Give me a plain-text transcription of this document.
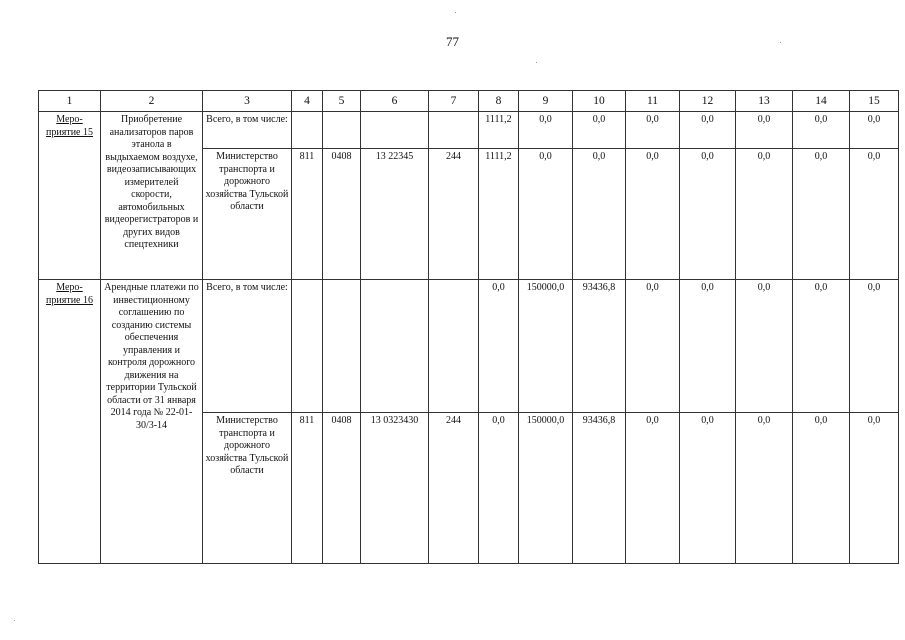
77
1	2	3	4	5	6	7	8	9	10	11	12	13	14	15
Меро-приятие 15	Приобретение анализаторов паров этанола в выдыхаемом воздухе, видеозаписывающих измерителей скорости, автомобильных видеорегистраторов и других видов спецтехники	Всего, в том числе:					1111,2	0,0	0,0	0,0	0,0	0,0	0,0	0,0
		Министерство транспорта и дорожного хозяйства Тульской области	811	0408	13 22345	244	1111,2	0,0	0,0	0,0	0,0	0,0	0,0	0,0
Меро-приятие 16	Арендные платежи по инвестиционному соглашению по созданию системы обеспечения управления и контроля дорожного движения на территории Тульской области от 31 января 2014 года № 22-01-30/3-14	Всего, в том числе:					0,0	150000,0	93436,8	0,0	0,0	0,0	0,0	0,0
		Министерство транспорта и дорожного хозяйства Тульской области	811	0408	13 0323430	244	0,0	150000,0	93436,8	0,0	0,0	0,0	0,0	0,0
